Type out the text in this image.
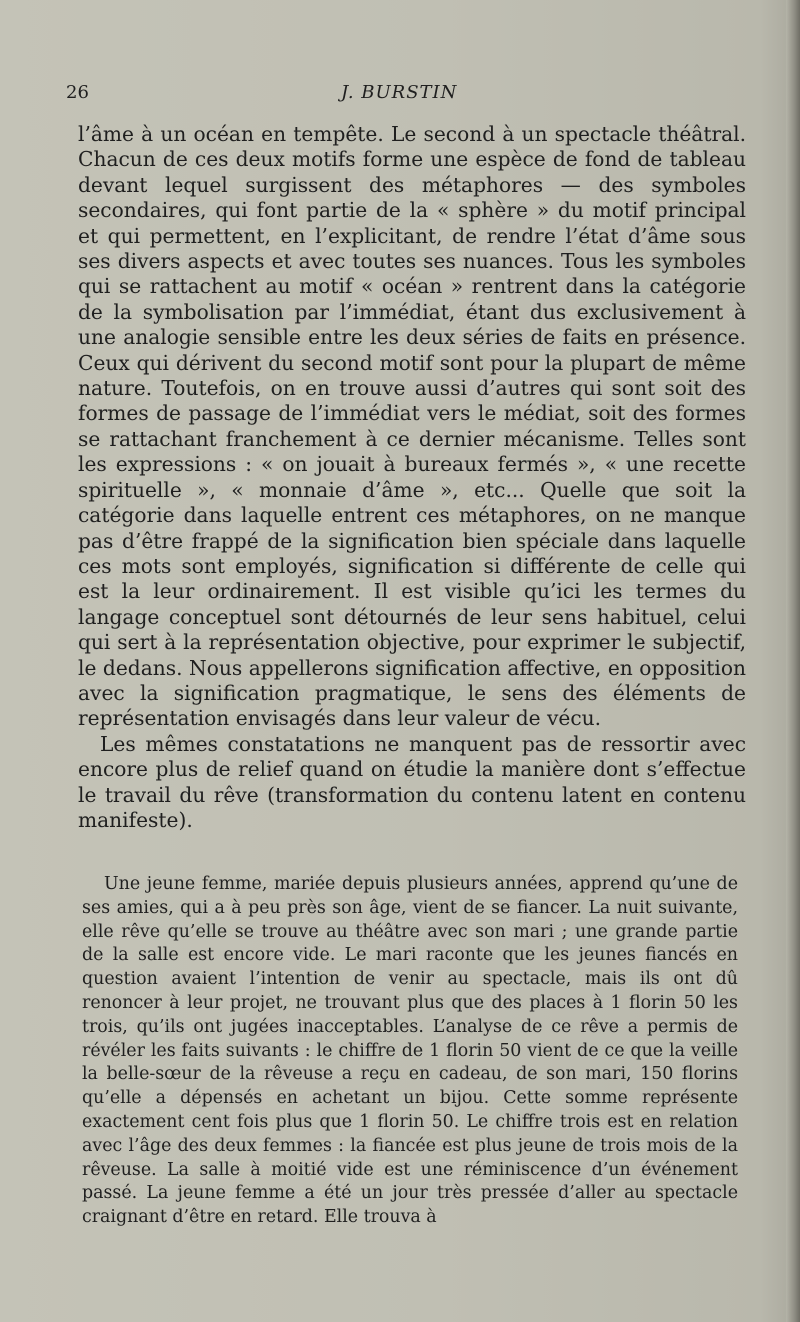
26	J. BURSTIN

l’âme à un océan en tempête. Le second à un spectacle théâtral. Chacun de ces deux motifs forme une espèce de fond de tableau devant lequel surgissent des métaphores — des symboles secondaires, qui font partie de la « sphère » du motif principal et qui permettent, en l’explicitant, de rendre l’état d’âme sous ses divers aspects et avec toutes ses nuances. Tous les symboles qui se rattachent au motif « océan » rentrent dans la catégorie de la symbolisation par l’immédiat, étant dus exclusivement à une analogie sensible entre les deux séries de faits en présence. Ceux qui dérivent du second motif sont pour la plupart de même nature. Toutefois, on en trouve aussi d’autres qui sont soit des formes de passage de l’immédiat vers le médiat, soit des formes se rattachant franchement à ce dernier mécanisme. Telles sont les expressions : « on jouait à bureaux fermés », « une recette spirituelle », « monnaie d’âme », etc... Quelle que soit la catégorie dans laquelle entrent ces métaphores, on ne manque pas d’être frappé de la signification bien spéciale dans laquelle ces mots sont employés, signification si différente de celle qui est la leur ordinairement. Il est visible qu’ici les termes du langage conceptuel sont détournés de leur sens habituel, celui qui sert à la représentation objective, pour exprimer le subjectif, le dedans. Nous appellerons signification affective, en opposition avec la signification pragmatique, le sens des éléments de représentation envisagés dans leur valeur de vécu.

Les mêmes constatations ne manquent pas de ressortir avec encore plus de relief quand on étudie la manière dont s’effectue le travail du rêve (transformation du contenu latent en contenu manifeste).

Une jeune femme, mariée depuis plusieurs années, apprend qu’une de ses amies, qui a à peu près son âge, vient de se fiancer. La nuit suivante, elle rêve qu’elle se trouve au théâtre avec son mari ; une grande partie de la salle est encore vide. Le mari raconte que les jeunes fiancés en question avaient l’intention de venir au spectacle, mais ils ont dû renoncer à leur projet, ne trouvant plus que des places à 1 florin 50 les trois, qu’ils ont jugées inacceptables. L’analyse de ce rêve a permis de révéler les faits suivants : le chiffre de 1 florin 50 vient de ce que la veille la belle-sœur de la rêveuse a reçu en cadeau, de son mari, 150 florins qu’elle a dépensés en achetant un bijou. Cette somme représente exactement cent fois plus que 1 florin 50. Le chiffre trois est en relation avec l’âge des deux femmes : la fiancée est plus jeune de trois mois de la rêveuse. La salle à moitié vide est une réminiscence d’un événement passé. La jeune femme a été un jour très pressée d’aller au spectacle craignant d’être en retard. Elle trouva à
